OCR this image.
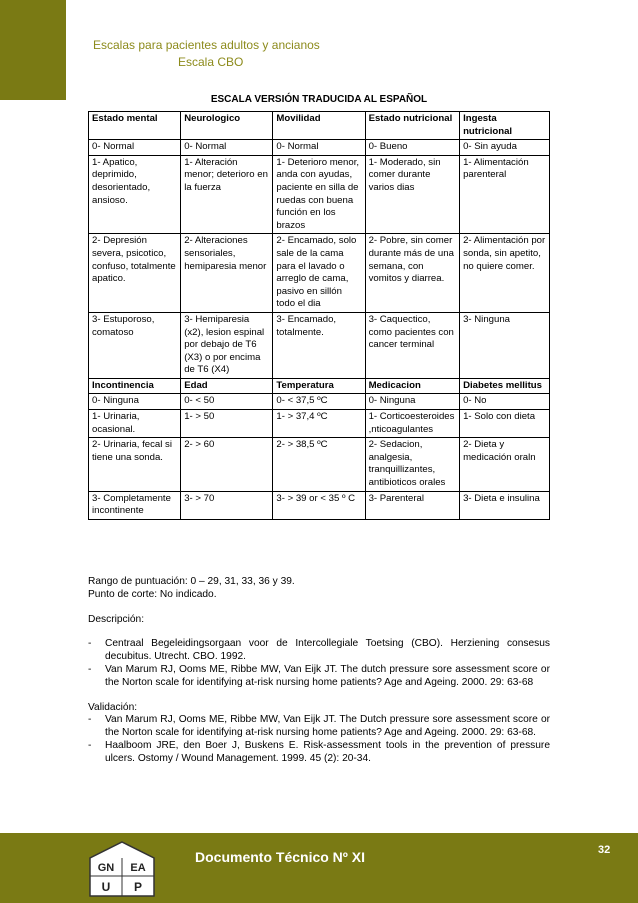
Escalas para pacientes adultos y ancianos
Escala CBO
ESCALA VERSIÓN TRADUCIDA AL ESPAÑOL
Estado mental	Neurologico	Movilidad	Estado nutricional	Ingesta nutricional
0- Normal	0- Normal	0- Normal	0- Bueno	0- Sin ayuda
1- Apatico, deprimido, desorientado, ansioso.	1- Alteración menor; deterioro en la fuerza	1- Deterioro menor, anda con ayudas, paciente en silla de ruedas con buena función en los brazos	1- Moderado, sin comer durante varios dias	1- Alimentación parenteral
2- Depresión severa, psicotico, confuso, totalmente apatico.	2- Alteraciones sensoriales, hemiparesia menor	2- Encamado, solo sale de la cama para el lavado o arreglo de cama, pasivo en sillón todo el dia	2- Pobre, sin comer durante más de una semana, con vomitos y diarrea.	2- Alimentación por sonda, sin apetito, no quiere comer.
3- Estuporoso, comatoso	3- Hemiparesia (x2), lesion espinal por debajo de T6 (X3) o por encima de T6 (X4)	3- Encamado, totalmente.	3- Caquectico, como pacientes con cancer terminal	3- Ninguna
Incontinencia	Edad	Temperatura	Medicacion	Diabetes mellitus
0- Ninguna	0- < 50	0- < 37,5 ºC	0- Ninguna	0- No
1- Urinaria, ocasional.	1- > 50	1- > 37,4 ºC	1- Corticoesteroides ,nticoagulantes	1- Solo con dieta
2- Urinaria, fecal si tiene una sonda.	2- > 60	2- > 38,5 ºC	2- Sedacion, analgesia, tranquillizantes, antibioticos orales	2- Dieta y medicación oraln
3- Completamente incontinente	3- > 70	3- > 39 or < 35 º C	3- Parenteral	3- Dieta e insulina

Rango de puntuación: 0 – 29, 31, 33, 36 y 39.

Punto de corte: No indicado.

Descripción:

- Centraal Begeleidingsorgaan voor de Intercollegiale Toetsing (CBO). Herziening consesus decubitus. Utrecht. CBO. 1992.
- Van Marum RJ, Ooms ME, Ribbe MW, Van Eijk JT. The dutch pressure sore assessment score or the Norton scale for identifying at-risk nursing home patients? Age and Ageing. 2000. 29: 63-68

Validación:

- Van Marum RJ, Ooms ME, Ribbe MW, Van Eijk JT. The Dutch pressure sore assessment score or the Norton scale for identifying at-risk nursing home patients? Age and Ageing. 2000. 29: 63-68.
- Haalboom JRE, den Boer J, Buskens E. Risk-assessment tools in the prevention of pressure ulcers. Ostomy / Wound Management. 1999. 45 (2): 20-34.
GN EA
U P
Documento Técnico Nº XI	32
